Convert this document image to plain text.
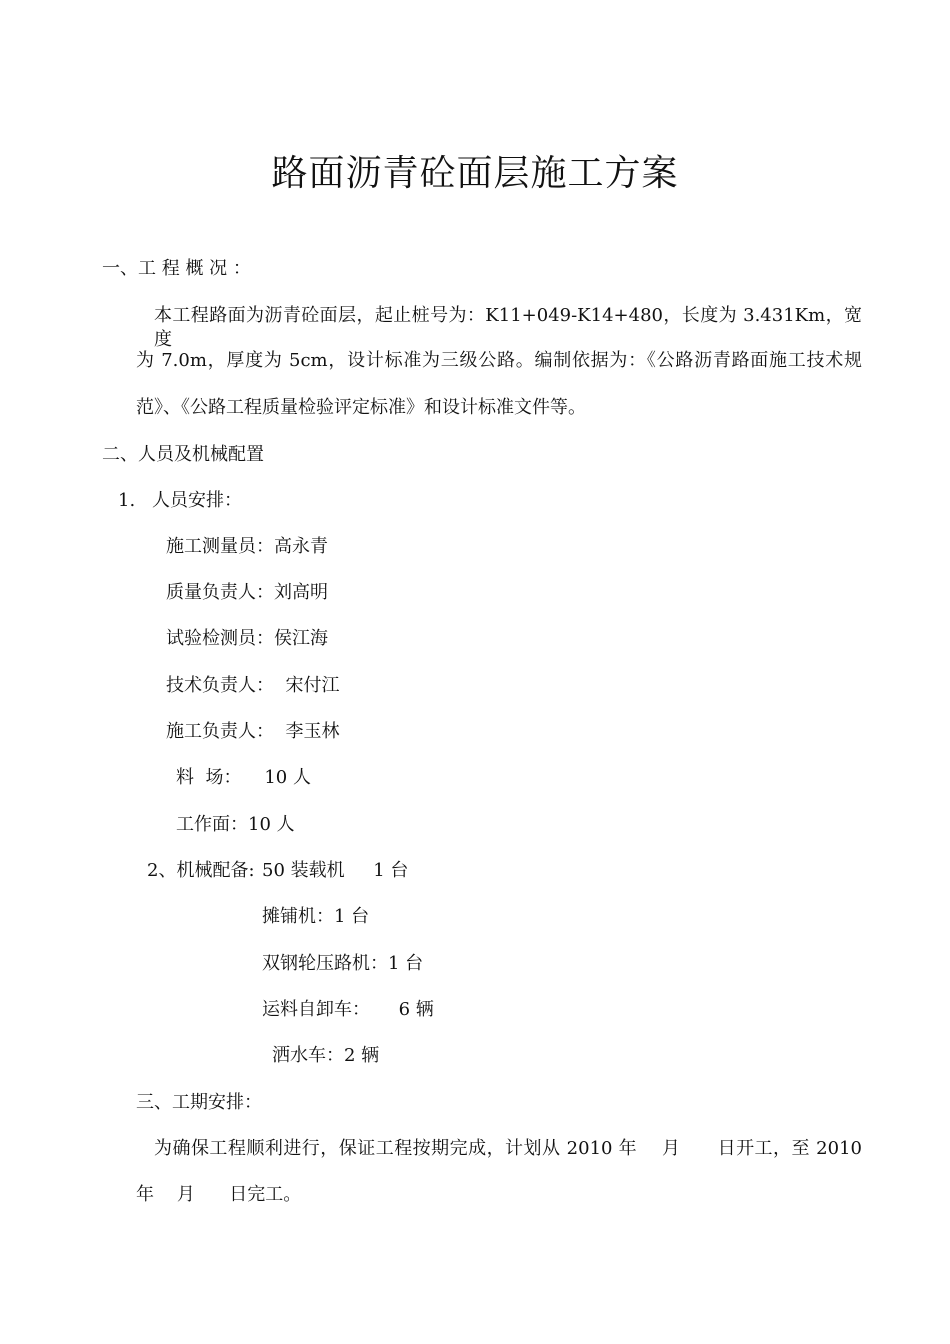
路面沥青砼面层施工方案
一、工 程 概 况 ：
本工程路面为沥青砼面层，起止桩号为：K11+049-K14+480，长度为 3.431Km，宽度
为 7.0m，厚度为 5cm，设计标准为三级公路。编制依据为：《公路沥青路面施工技术规
范》、《公路工程质量检验评定标准》和设计标准文件等。
二、人员及机械配置
1. 人员安排：
施工测量员：高永青
质量负责人：刘高明
试验检测员：侯江海
技术负责人：  宋付江
施工负责人：  李玉林
料  场：    10 人
工作面：10 人
2、机械配备: 50 装载机     1 台
摊铺机：1 台
双钢轮压路机：1 台
运料自卸车：     6 辆
洒水车：2 辆
三、工期安排：
为确保工程顺利进行，保证工程按期完成，计划从 2010 年    月      日开工，至 2010
年    月      日完工。
